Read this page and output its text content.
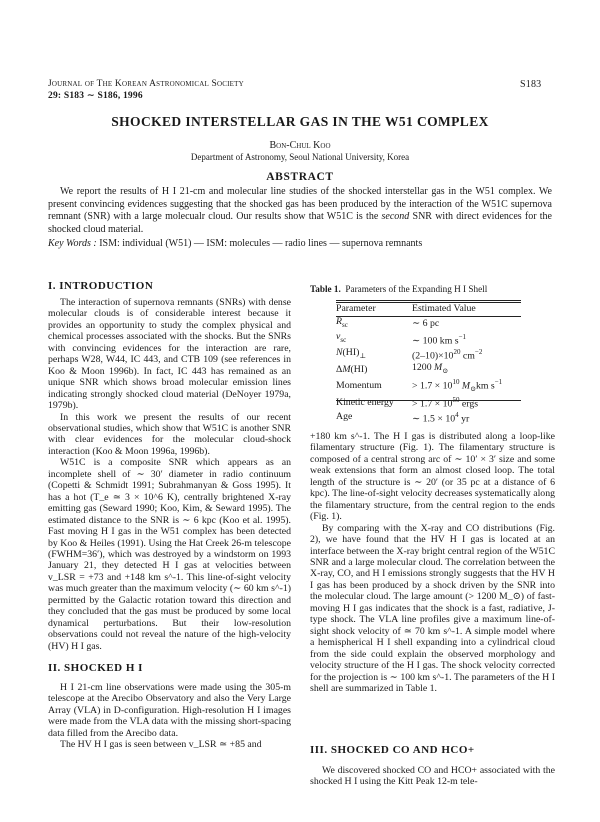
Journal of The Korean Astronomical Society
29: S183 ∼ S186, 1996
S183
SHOCKED INTERSTELLAR GAS IN THE W51 COMPLEX
Bon-Chul Koo
Department of Astronomy, Seoul National University, Korea
ABSTRACT

We report the results of H I 21-cm and molecular line studies of the shocked interstellar gas in the W51 complex. We present convincing evidences suggesting that the shocked gas has been produced by the interaction of the W51C supernova remnant (SNR) with a large molecualr cloud. Our results show that W51C is the second SNR with direct evidences for the shocked cloud material.

Key Words : ISM: individual (W51) — ISM: molecules — radio lines — supernova remnants
I. INTRODUCTION

The interaction of supernova remnants (SNRs) with dense molecular clouds is of considerable interest because it provides an opportunity to study the complex physical and chemical processes associated with the shocks. But the SNRs with convincing evidences for the interaction are rare, perhaps W28, W44, IC 443, and CTB 109 (see references in Koo & Moon 1996b). In fact, IC 443 has remained as an unique SNR which shows broad molecular emission lines indicating strongly shocked cloud material (DeNoyer 1979a, 1979b).

In this work we present the results of our recent observational studies, which show that W51C is another SNR with clear evidences for the molecular cloud-shock interaction (Koo & Moon 1996a, 1996b).

W51C is a composite SNR which appears as an incomplete shell of ∼ 30′ diameter in radio continuum (Copetti & Schmidt 1991; Subrahmanyan & Goss 1995). It has a hot (T_e ≃ 3 × 10^6 K), centrally brightened X-ray emitting gas (Seward 1990; Koo, Kim, & Seward 1995). The estimated distance to the SNR is ∼ 6 kpc (Koo et al. 1995). Fast moving H I gas in the W51 complex has been detected by Koo & Heiles (1991). Using the Hat Creek 26-m telescope (FWHM=36′), which was destroyed by a windstorm on 1993 January 21, they detected H I gas at velocities between v_LSR = +73 and +148 km s^-1. This line-of-sight velocity was much greater than the maximum velocity (∼ 60 km s^-1) permitted by the Galactic rotation toward this direction and they concluded that the gas must be produced by some local dynamical perturbations. But their low-resolution observations could not reveal the nature of the high-velocity (HV) H I gas.

II. SHOCKED H I

H I 21-cm line observations were made using the 305-m telescope at the Arecibo Observatory and also the Very Large Array (VLA) in D-configuration. High-resolution H I images were made from the VLA data with the missing short-spacing data filled from the Arecibo data.

The HV H I gas is seen between v_LSR ≃ +85 and

Table 1. Parameters of the Expanding H I Shell
Parameter	Estimated Value

$R_{sc}$	∼ 6 pc
$v_{sc}$	∼ 100 km $s^{-1}$
$N(HI)_\perp$	$(2-10)\times 10^{20}$ $cm^{-2}$
ΔM(HI)	1200 $M_⊙$
Momentum	> $1.7 \times 10^{10}$ $M_⊙km$ $s^{-1}$
Kinetic energy	> $1.7 \times 10^{50}$ ergs
Age	∼ $1.5 \times 10^4$ yr

+180 km s^-1. The H I gas is distributed along a loop-like filamentary structure (Fig. 1). The filamentary structure is composed of a central strong arc of ∼ 10′ × 3′ size and some weak extensions that form an almost closed loop. The total length of the structure is ∼ 20′ (or 35 pc at a distance of 6 kpc). The line-of-sight velocity decreases systematically along the filamentary structure, from the central region to the ends (Fig. 1).

By comparing with the X-ray and CO distributions (Fig. 2), we have found that the HV H I gas is located at an interface between the X-ray bright central region of the W51C SNR and a large molecular cloud. The correlation between the X-ray, CO, and H I emissions strongly suggests that the HV H I gas has been produced by a shock driven by the SNR into the molecular cloud. The large amount (> 1200 M_⊙) of fast-moving H I gas indicates that the shock is a fast, radiative, J-type shock. The VLA line profiles give a maximum line-of-sight shock velocity of ≃ 70 km s^-1. A simple model where a hemispherical H I shell expanding into a cylindrical cloud from the side could explain the observed morphology and velocity structure of the H I gas. The shock velocity corrected for the projection is ∼ 100 km s^-1. The parameters of the H I shell are summarized in Table 1.

III. SHOCKED CO AND HCO+

We discovered shocked CO and HCO+ associated with the shocked H I using the Kitt Peak 12-m tele-
